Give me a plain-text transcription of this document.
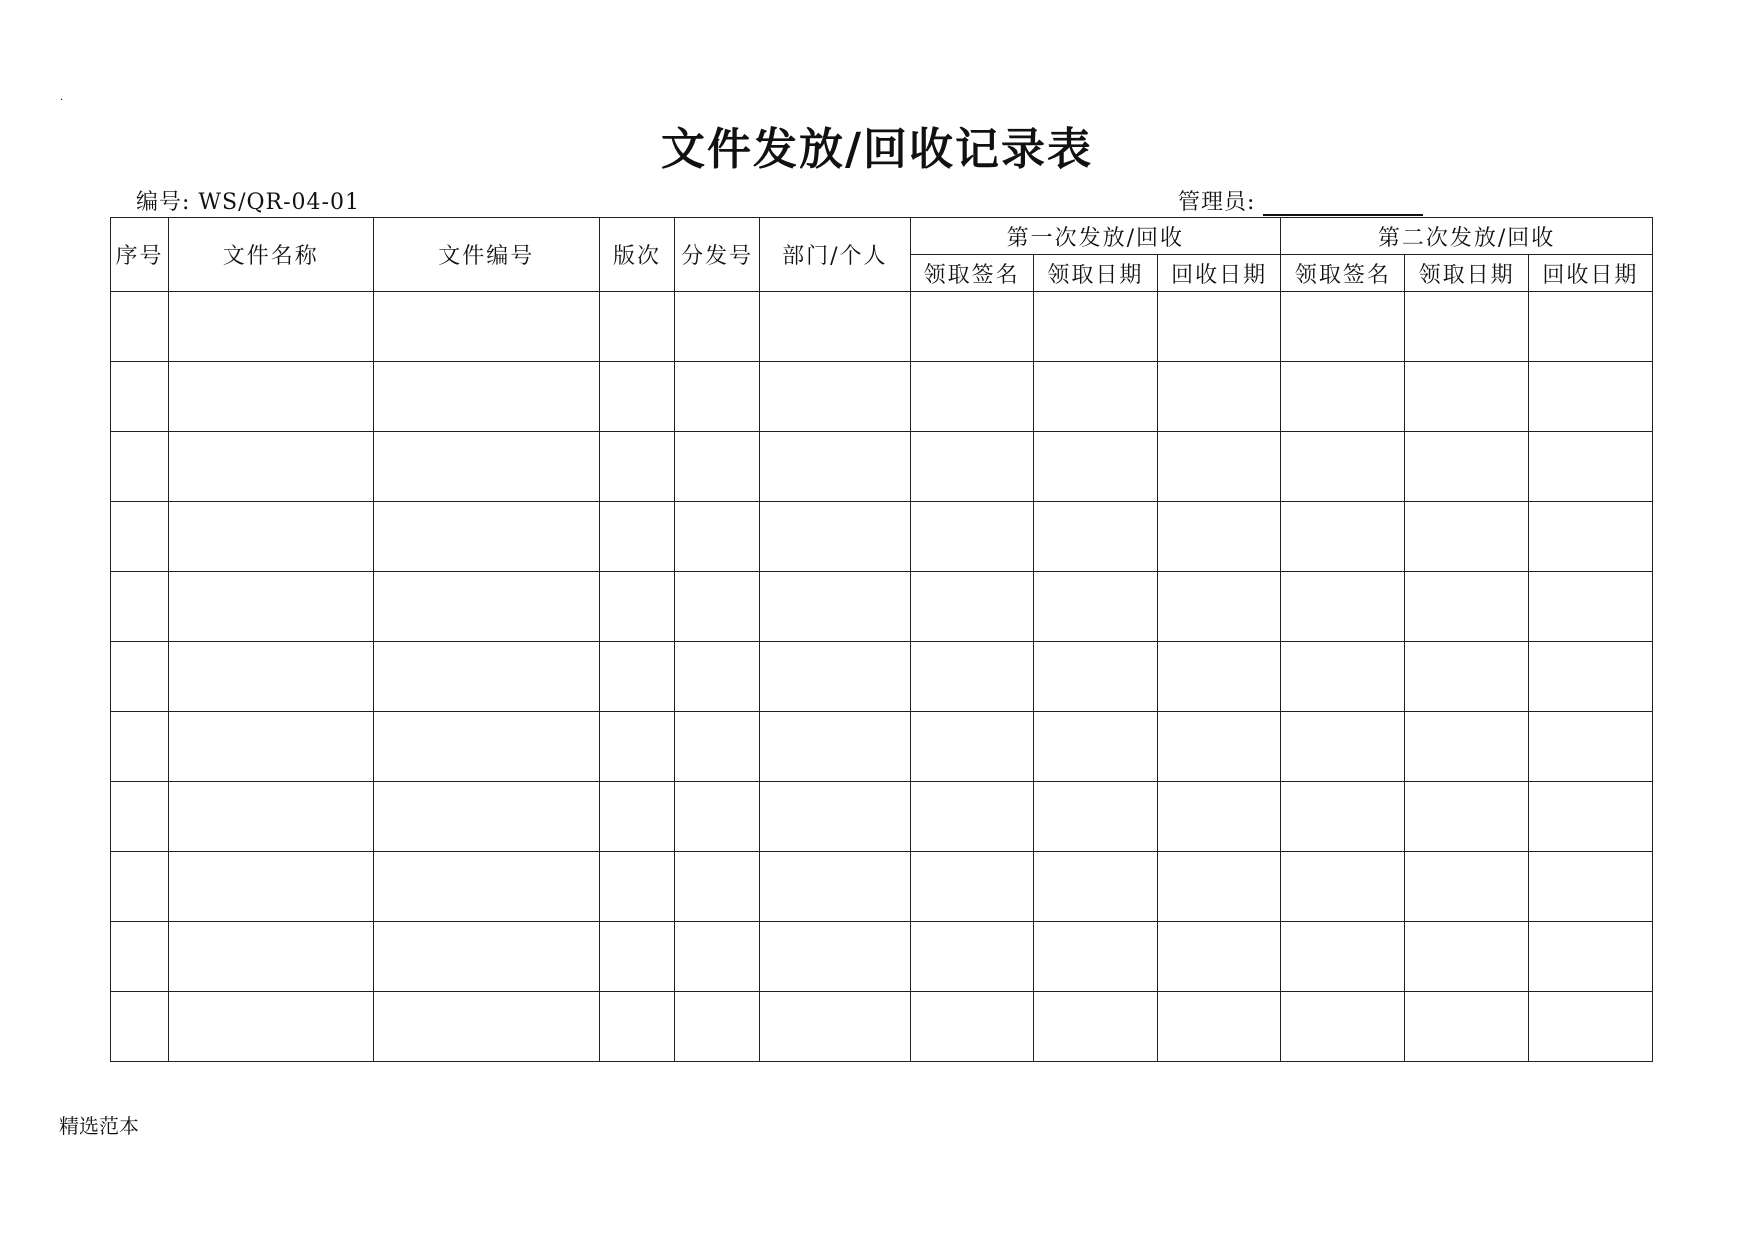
·
文件发放/回收记录表
编号: WS/QR-04-01	管理员:
序号	文件名称	文件编号	版次	分发号	部门/个人	第一次发放/回收			第二次发放/回收		
						领取签名	领取日期	回收日期	领取签名	领取日期	回收日期

精选范本
